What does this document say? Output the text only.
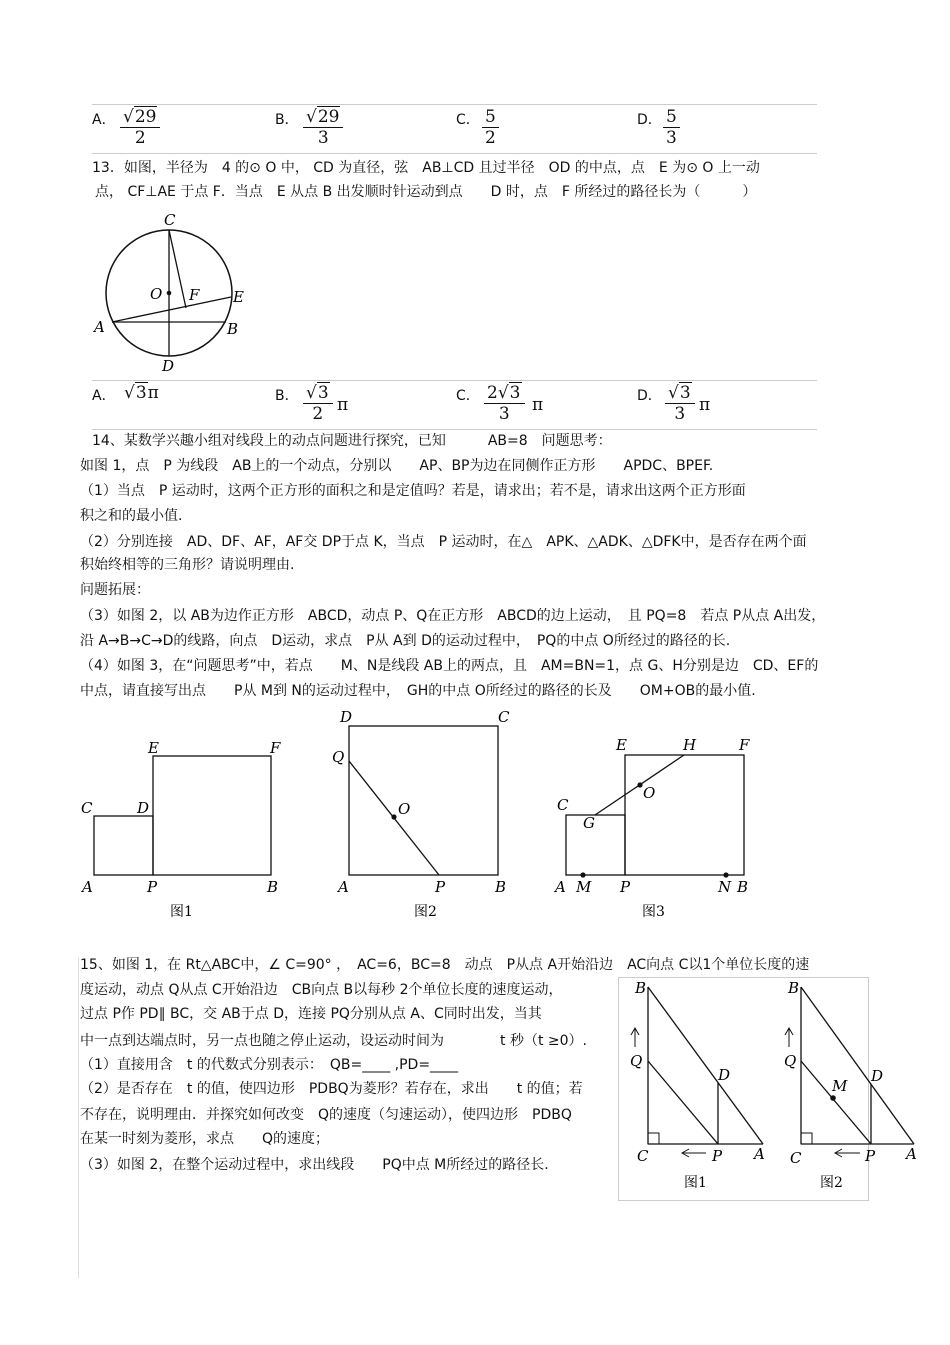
A． $\frac{√29}{2}$	B． $\frac{√29}{3}$	C． $\frac{5}{2}$	D． $\frac{5}{3}$
13．如图，半径为　4 的⊙ O 中， CD 为直径，弦　AB⊥CD 且过半径　OD 的中点，点　E 为⊙ O 上一动
点， CF⊥AE 于点 F．当点　E 从点 B 出发顺时针运动到点　　D 时，点　F 所经过的路径长为（　　　）
C
O F E
A	B
D
A． √3π	B． $\frac{√3}{2}$ π	C． $\frac{2√3}{3}$ π	D． $\frac{√3}{3}$ π
14、某数学兴趣小组对线段上的动点问题进行探究，已知　　　AB=8　问题思考：
如图 1，点　P 为线段　AB上的一个动点，分别以　　AP、BP为边在同侧作正方形　　APDC、BPEF.
（1）当点　P 运动时，这两个正方形的面积之和是定值吗？若是，请求出；若不是，请求出这两个正方形面
积之和的最小值.
（2）分别连接　AD、DF、AF，AF交 DP于点 K，当点　P 运动时，在△　APK、△ADK、△DFK中，是否存在两个面
积始终相等的三角形？请说明理由.
问题拓展：
（3）如图 2，以 AB为边作正方形　ABCD，动点 P、Q在正方形　ABCD的边上运动，　且 PQ=8　若点 P从点 A出发，
沿 A→B→C→D的线路，向点　D运动，求点　P从 A到 D的运动过程中，　PQ的中点 O所经过的路径的长.
（4）如图 3，在“问题思考”中，若点　　M、N是线段 AB上的两点，且　AM=BN=1，点 G、H分别是边　CD、EF的
中点，请直接写出点　　P从 M到 N的运动过程中，　GH的中点 O所经过的路径的长及　　OM+OB的最小值.
E	F
C	D
A	P	B
图1
D	C
Q
O
A	P	B
图2
E	H	F
O
C
G
A M P	N B
图3
15、如图 1，在 Rt△ABC中，∠ C=90° ，　AC=6，BC=8　动点　P从点 A开始沿边　AC向点 C以1个单位长度的速
度运动，动点 Q从点 C开始沿边　CB向点 B以每秒 2个单位长度的速度运动，
过点 P作 PD∥ BC，交 AB于点 D，连接 PQ分别从点 A、C同时出发，当其
中一点到达端点时，另一点也随之停止运动，设运动时间为　　　　t 秒（t ≥0）.
（1）直接用含　t 的代数式分别表示：　QB=____ ,PD=____
（2）是否存在　t 的值，使四边形　PDBQ为菱形？若存在，求出　　t 的值；若
不存在，说明理由．并探究如何改变　Q的速度（匀速运动），使四边形　PDBQ
在某一时刻为菱形，求点　　Q的速度；
（3）如图 2，在整个运动过程中，求出线段　　PQ中点 M所经过的路径长.
B
Q
D
C	P A
图1
B
Q
M
D
C	P A
图2
